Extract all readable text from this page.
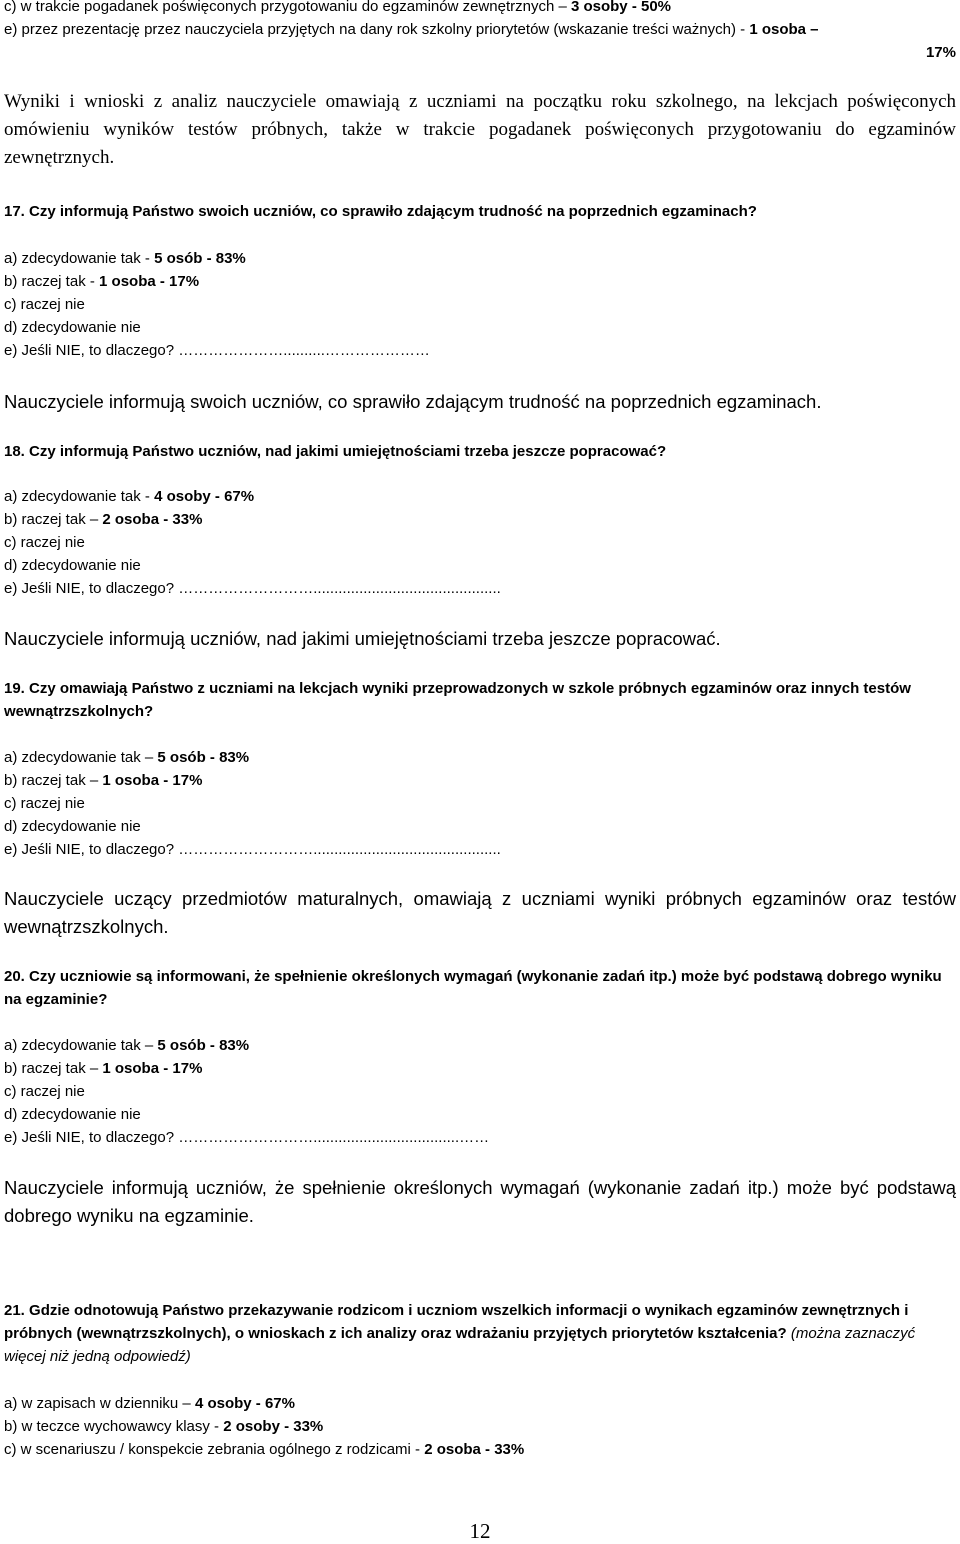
c) w trakcie pogadanek poświęconych przygotowaniu do egzaminów zewnętrznych – 3 osoby - 50%
e) przez prezentację przez nauczyciela przyjętych na dany rok szkolny priorytetów (wskazanie treści ważnych) - 1 osoba –
17%
Wyniki i wnioski z analiz nauczyciele omawiają z uczniami na początku roku szkolnego, na lekcjach poświęconych omówieniu wyników testów próbnych, także w trakcie pogadanek poświęconych przygotowaniu do egzaminów zewnętrznych.
17. Czy informują Państwo swoich uczniów, co sprawiło zdającym trudność na poprzednich egzaminach?
a) zdecydowanie tak - 5 osób - 83%
b) raczej tak - 1 osoba - 17%
c) raczej nie
d) zdecydowanie nie
e) Jeśli NIE, to dlaczego? …………………..........…………………
Nauczyciele informują swoich uczniów, co sprawiło zdającym trudność na poprzednich egzaminach.
18. Czy informują Państwo uczniów, nad jakimi umiejętnościami trzeba jeszcze popracować?
a) zdecydowanie tak - 4 osoby - 67%
b) raczej tak – 2 osoba - 33%
c) raczej nie
d) zdecydowanie nie
e) Jeśli NIE, to dlaczego? ……………………….............................................
Nauczyciele informują uczniów, nad jakimi umiejętnościami trzeba jeszcze popracować.
19. Czy omawiają Państwo z uczniami na lekcjach wyniki przeprowadzonych w szkole próbnych egzaminów oraz innych testów wewnątrzszkolnych?
a) zdecydowanie tak – 5 osób - 83%
b) raczej tak – 1 osoba - 17%
c) raczej nie
d) zdecydowanie nie
e) Jeśli NIE, to dlaczego? ……………………….............................................
Nauczyciele uczący przedmiotów maturalnych, omawiają z uczniami wyniki próbnych egzaminów oraz testów wewnątrzszkolnych.
20. Czy uczniowie są informowani, że spełnienie określonych wymagań (wykonanie zadań itp.) może być podstawą dobrego wyniku na egzaminie?
a) zdecydowanie tak – 5 osób - 83%
b) raczej tak – 1 osoba - 17%
c) raczej nie
d) zdecydowanie nie
e) Jeśli NIE, to dlaczego? ………………………...................................……
Nauczyciele informują uczniów, że spełnienie określonych wymagań (wykonanie zadań itp.) może być podstawą dobrego wyniku na egzaminie.
21. Gdzie odnotowują Państwo przekazywanie rodzicom i uczniom wszelkich informacji o wynikach egzaminów zewnętrznych i próbnych (wewnątrzszkolnych), o wnioskach z ich analizy oraz wdrażaniu przyjętych priorytetów kształcenia? (można zaznaczyć więcej niż jedną odpowiedź)
a) w zapisach w dzienniku – 4 osoby - 67%
b) w teczce wychowawcy klasy - 2 osoby - 33%
c) w scenariuszu / konspekcie zebrania ogólnego z rodzicami - 2 osoba - 33%
12
